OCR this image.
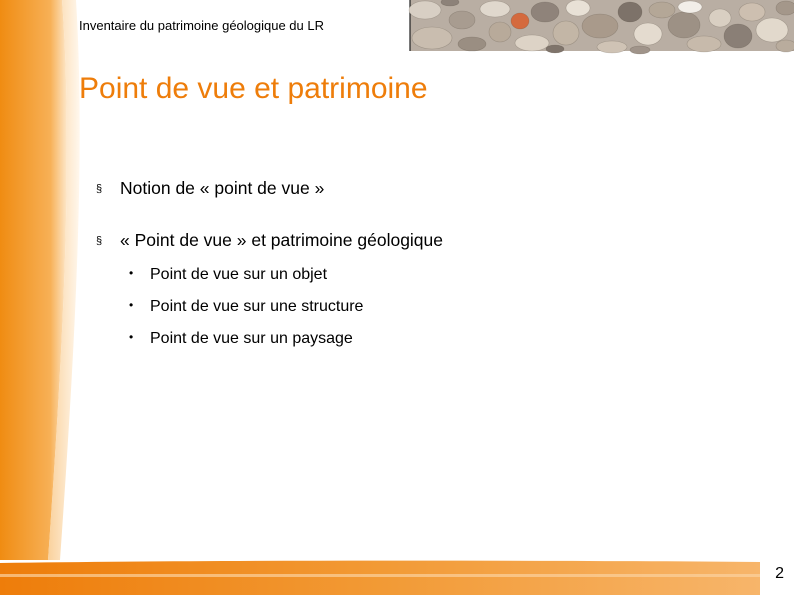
Inventaire du patrimoine géologique du LR
Point de vue et patrimoine
§ Notion de « point de vue »
§ « Point de vue » et patrimoine géologique
• Point de vue sur un objet
• Point de vue sur une structure
• Point de vue sur un paysage
2
